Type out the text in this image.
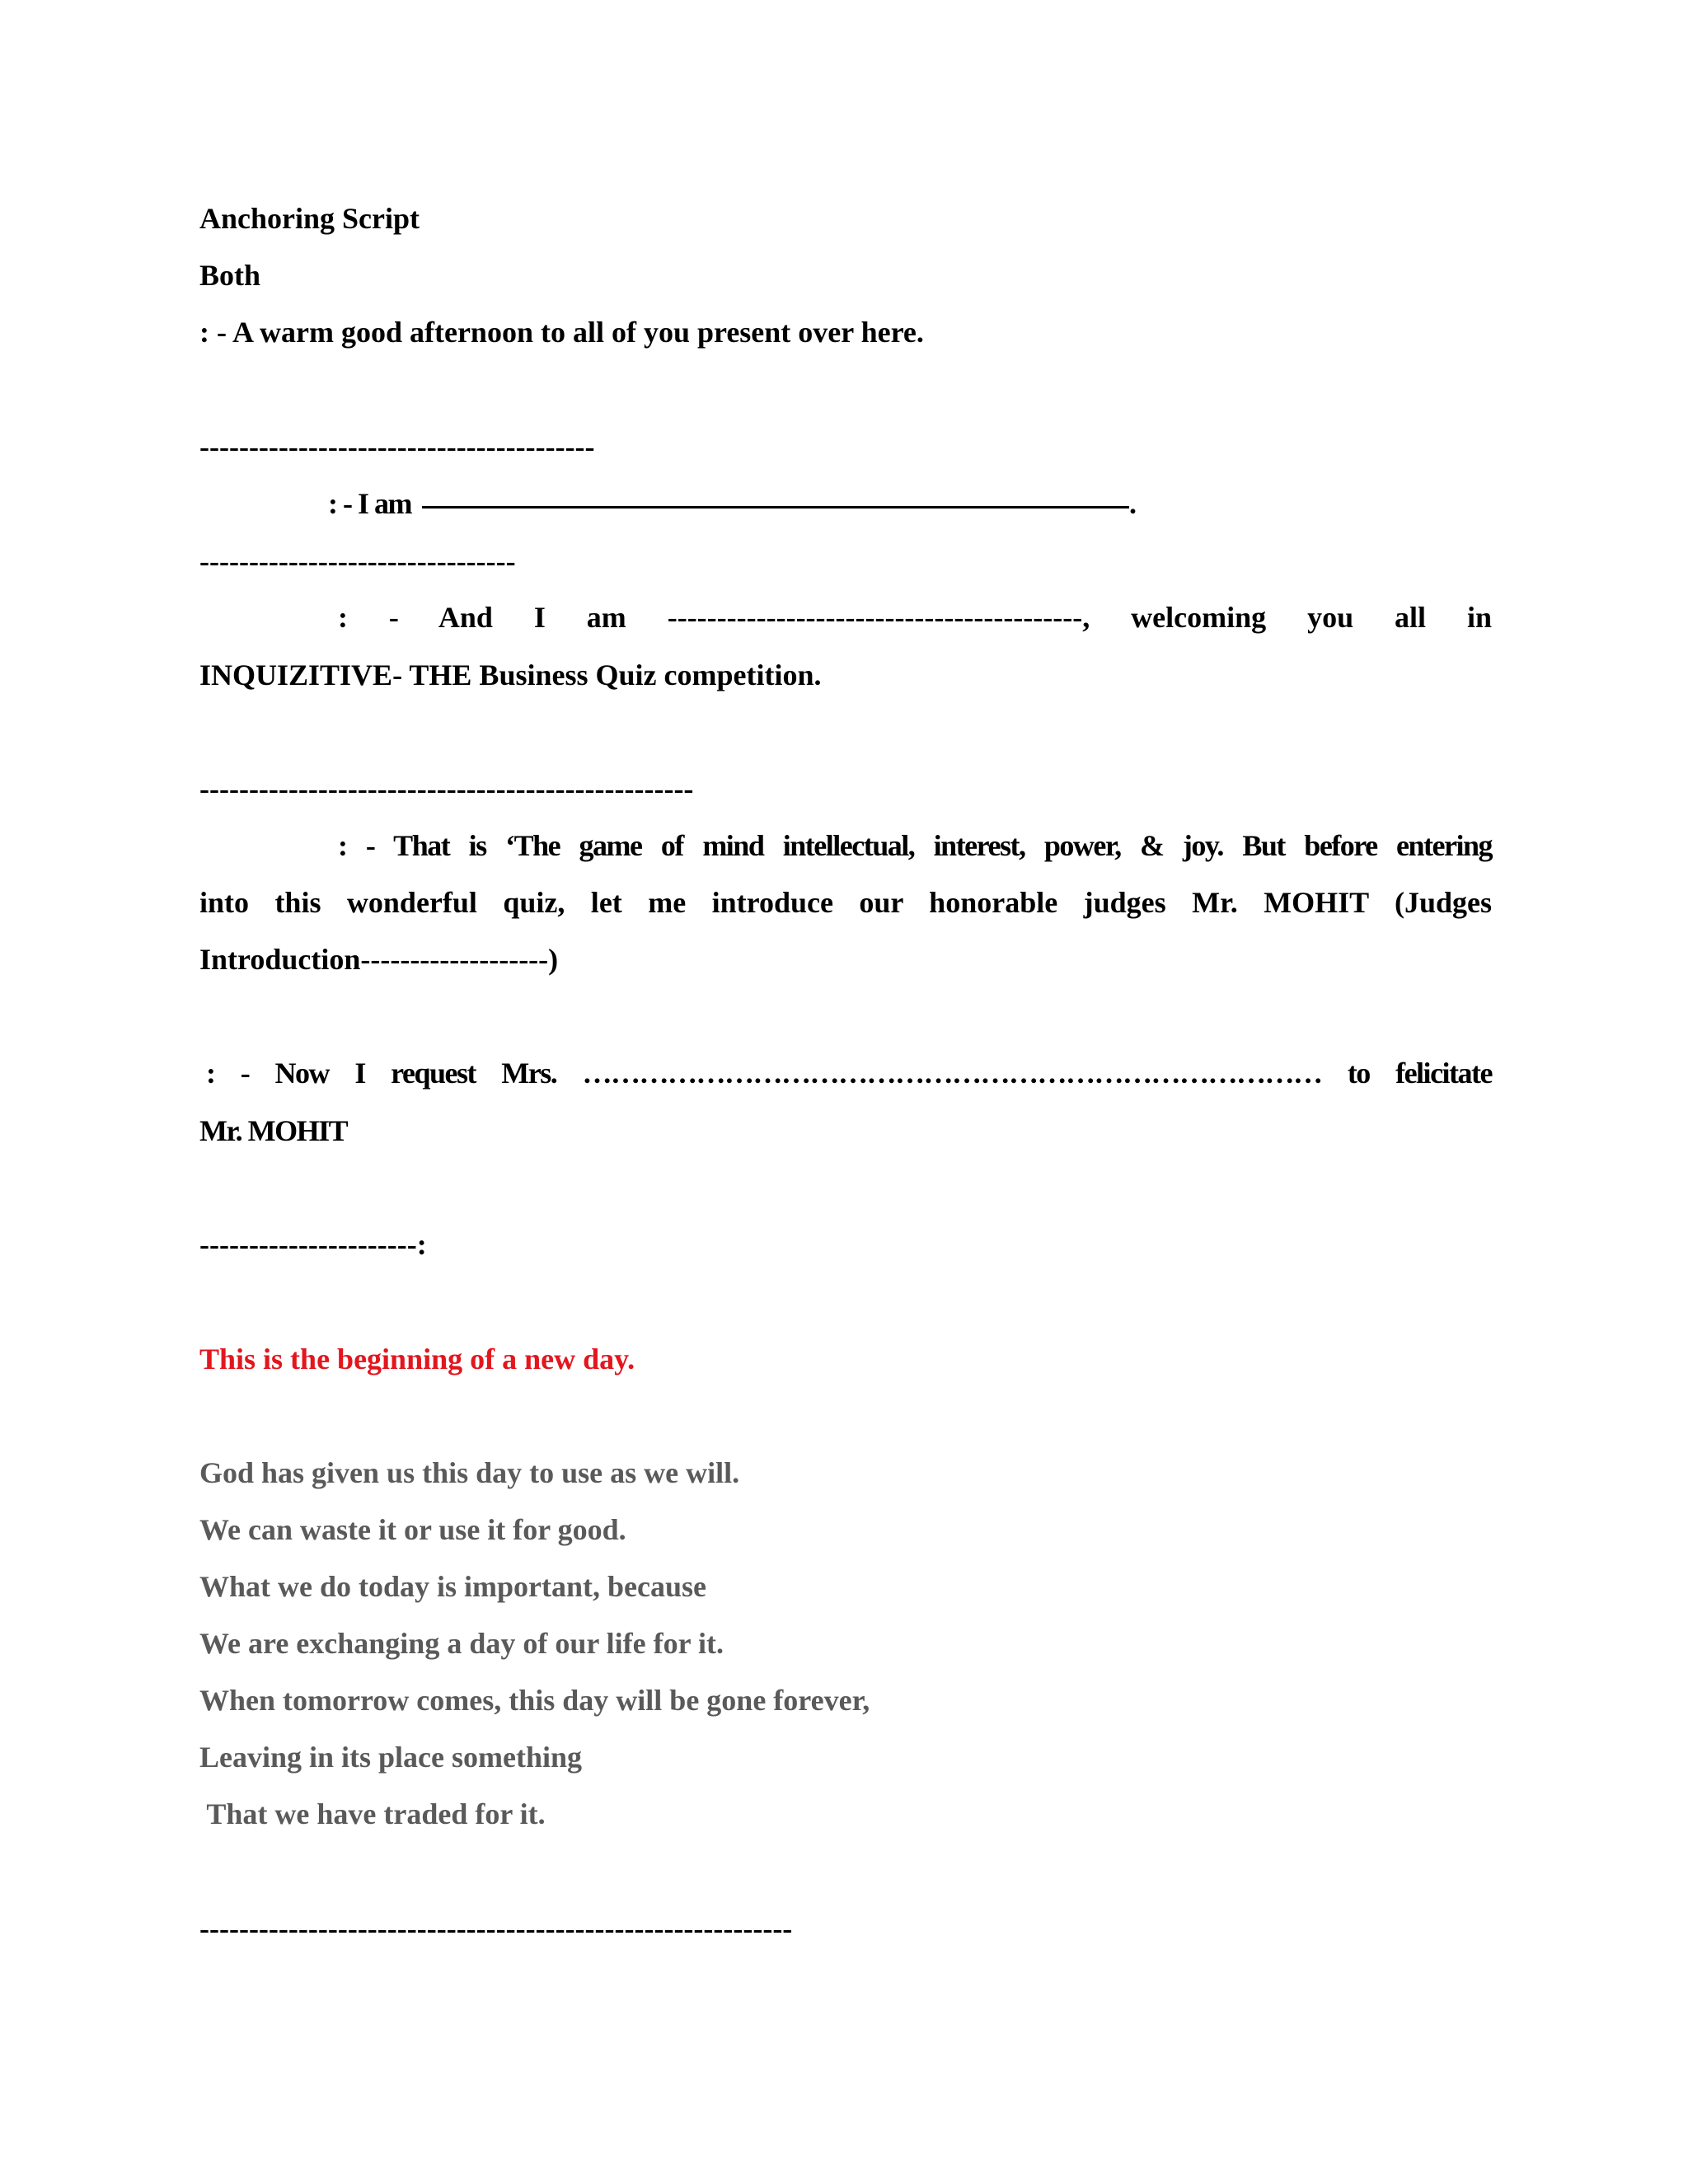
Anchoring Script
Both
: - A warm good afternoon to all of you present over here.
----------------------------------------
: - I am	.
--------------------------------
: - And I am ------------------------------------------, welcoming you all in
INQUIZITIVE- THE Business Quiz competition.
--------------------------------------------------
: - That is ‘The game of mind intellectual, interest, power, & joy. But before entering
into this wonderful quiz, let me introduce our honorable judges Mr. MOHIT (Judges
Introduction-------------------)
: - Now I request Mrs. …………………………………………………………………… to felicitate
Mr. MOHIT
----------------------:
This is the beginning of a new day.
God has given us this day to use as we will.
We can waste it or use it for good.
What we do today is important, because
We are exchanging a day of our life for it.
When tomorrow comes, this day will be gone forever,
Leaving in its place something
That we have traded for it.
------------------------------------------------------------
